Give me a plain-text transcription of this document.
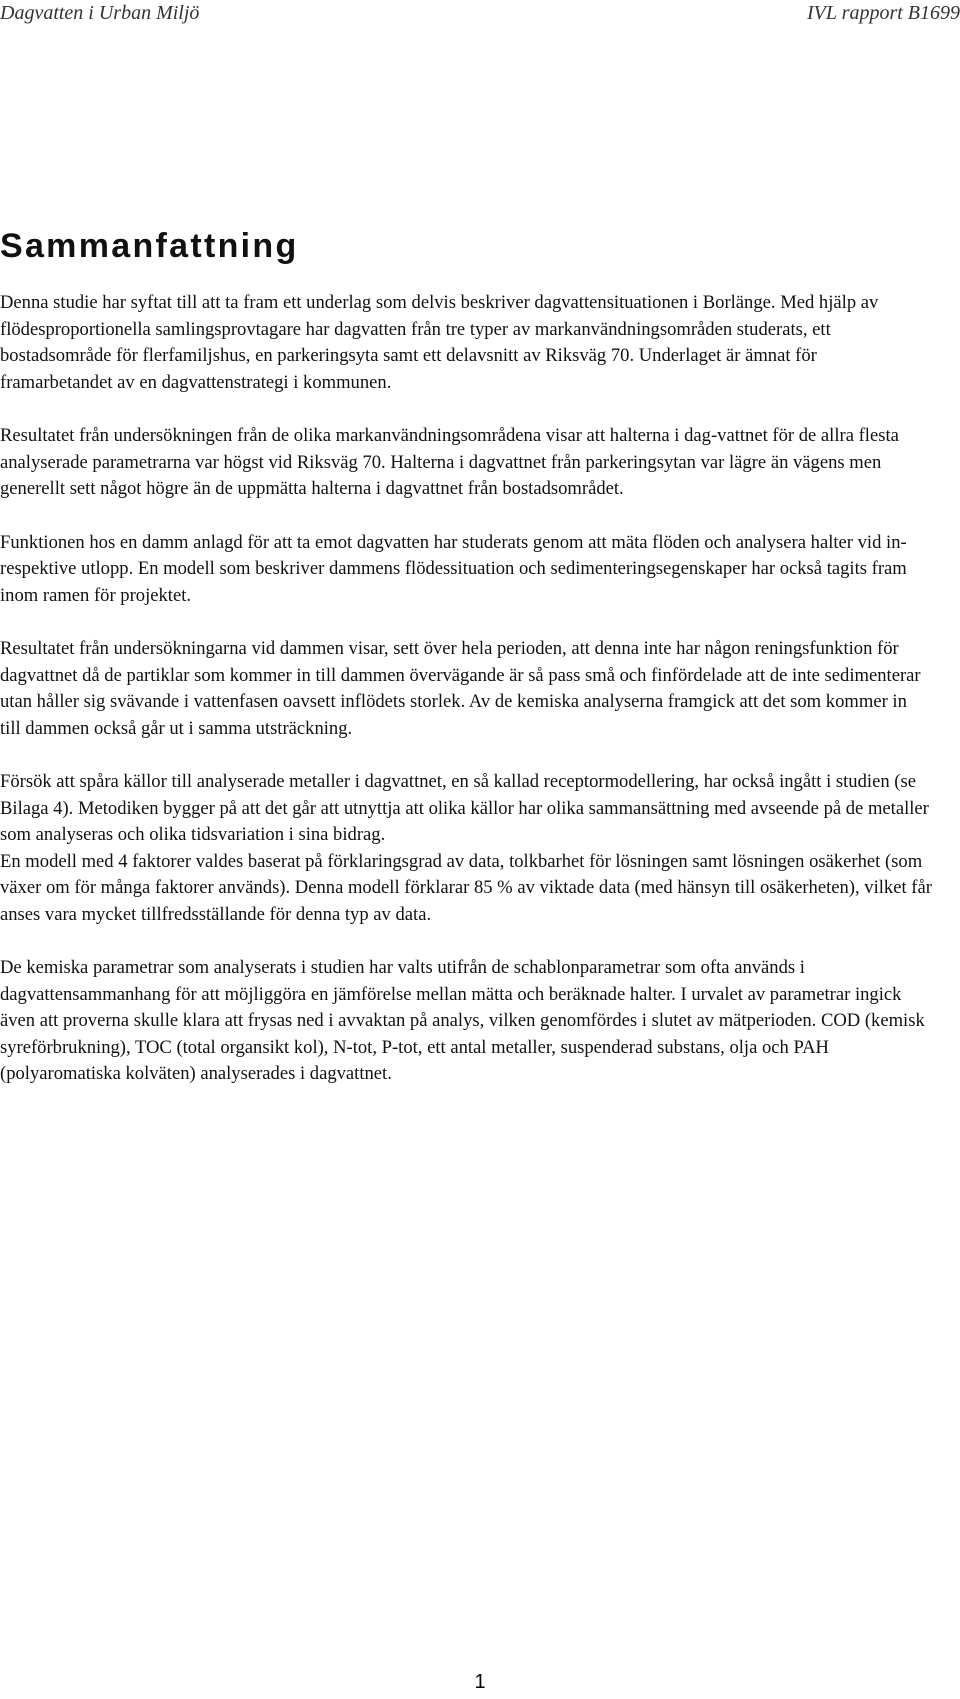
Dagvatten i Urban Miljö	IVL rapport B1699
Sammanfattning

Denna studie har syftat till att ta fram ett underlag som delvis beskriver dagvattensituationen i Borlänge. Med hjälp av flödesproportionella samlingsprovtagare har dagvatten från tre typer av markanvändningsområden studerats, ett bostadsområde för flerfamiljshus, en parkeringsyta samt ett delavsnitt av Riksväg 70. Underlaget är ämnat för framarbetandet av en dagvattenstrategi i kommunen.

Resultatet från undersökningen från de olika markanvändningsområdena visar att halterna i dag-vattnet för de allra flesta analyserade parametrarna var högst vid Riksväg 70. Halterna i dagvattnet från parkeringsytan var lägre än vägens men generellt sett något högre än de uppmätta halterna i dagvattnet från bostadsområdet.

Funktionen hos en damm anlagd för att ta emot dagvatten har studerats genom att mäta flöden och analysera halter vid in- respektive utlopp. En modell som beskriver dammens flödessituation och sedimenteringsegenskaper har också tagits fram inom ramen för projektet.

Resultatet från undersökningarna vid dammen visar, sett över hela perioden, att denna inte har någon reningsfunktion för dagvattnet då de partiklar som kommer in till dammen övervägande är så pass små och finfördelade att de inte sedimenterar utan håller sig svävande i vattenfasen oavsett inflödets storlek. Av de kemiska analyserna framgick att det som kommer in till dammen också går ut i samma utsträckning.

Försök att spåra källor till analyserade metaller i dagvattnet, en så kallad receptormodellering, har också ingått i studien (se Bilaga 4). Metodiken bygger på att det går att utnyttja att olika källor har olika sammansättning med avseende på de metaller som analyseras och olika tidsvariation i sina bidrag.

En modell med 4 faktorer valdes baserat på förklaringsgrad av data, tolkbarhet för lösningen samt lösningen osäkerhet (som växer om för många faktorer används). Denna modell förklarar 85 % av viktade data (med hänsyn till osäkerheten), vilket får anses vara mycket tillfredsställande för denna typ av data.

De kemiska parametrar som analyserats i studien har valts utifrån de schablonparametrar som ofta används i dagvattensammanhang för att möjliggöra en jämförelse mellan mätta och beräknade halter. I urvalet av parametrar ingick även att proverna skulle klara att frysas ned i avvaktan på analys, vilken genomfördes i slutet av mätperioden. COD (kemisk syreförbrukning), TOC (total organsikt kol), N-tot, P-tot, ett antal metaller, suspenderad substans, olja och PAH (polyaromatiska kolväten) analyserades i dagvattnet.

1
